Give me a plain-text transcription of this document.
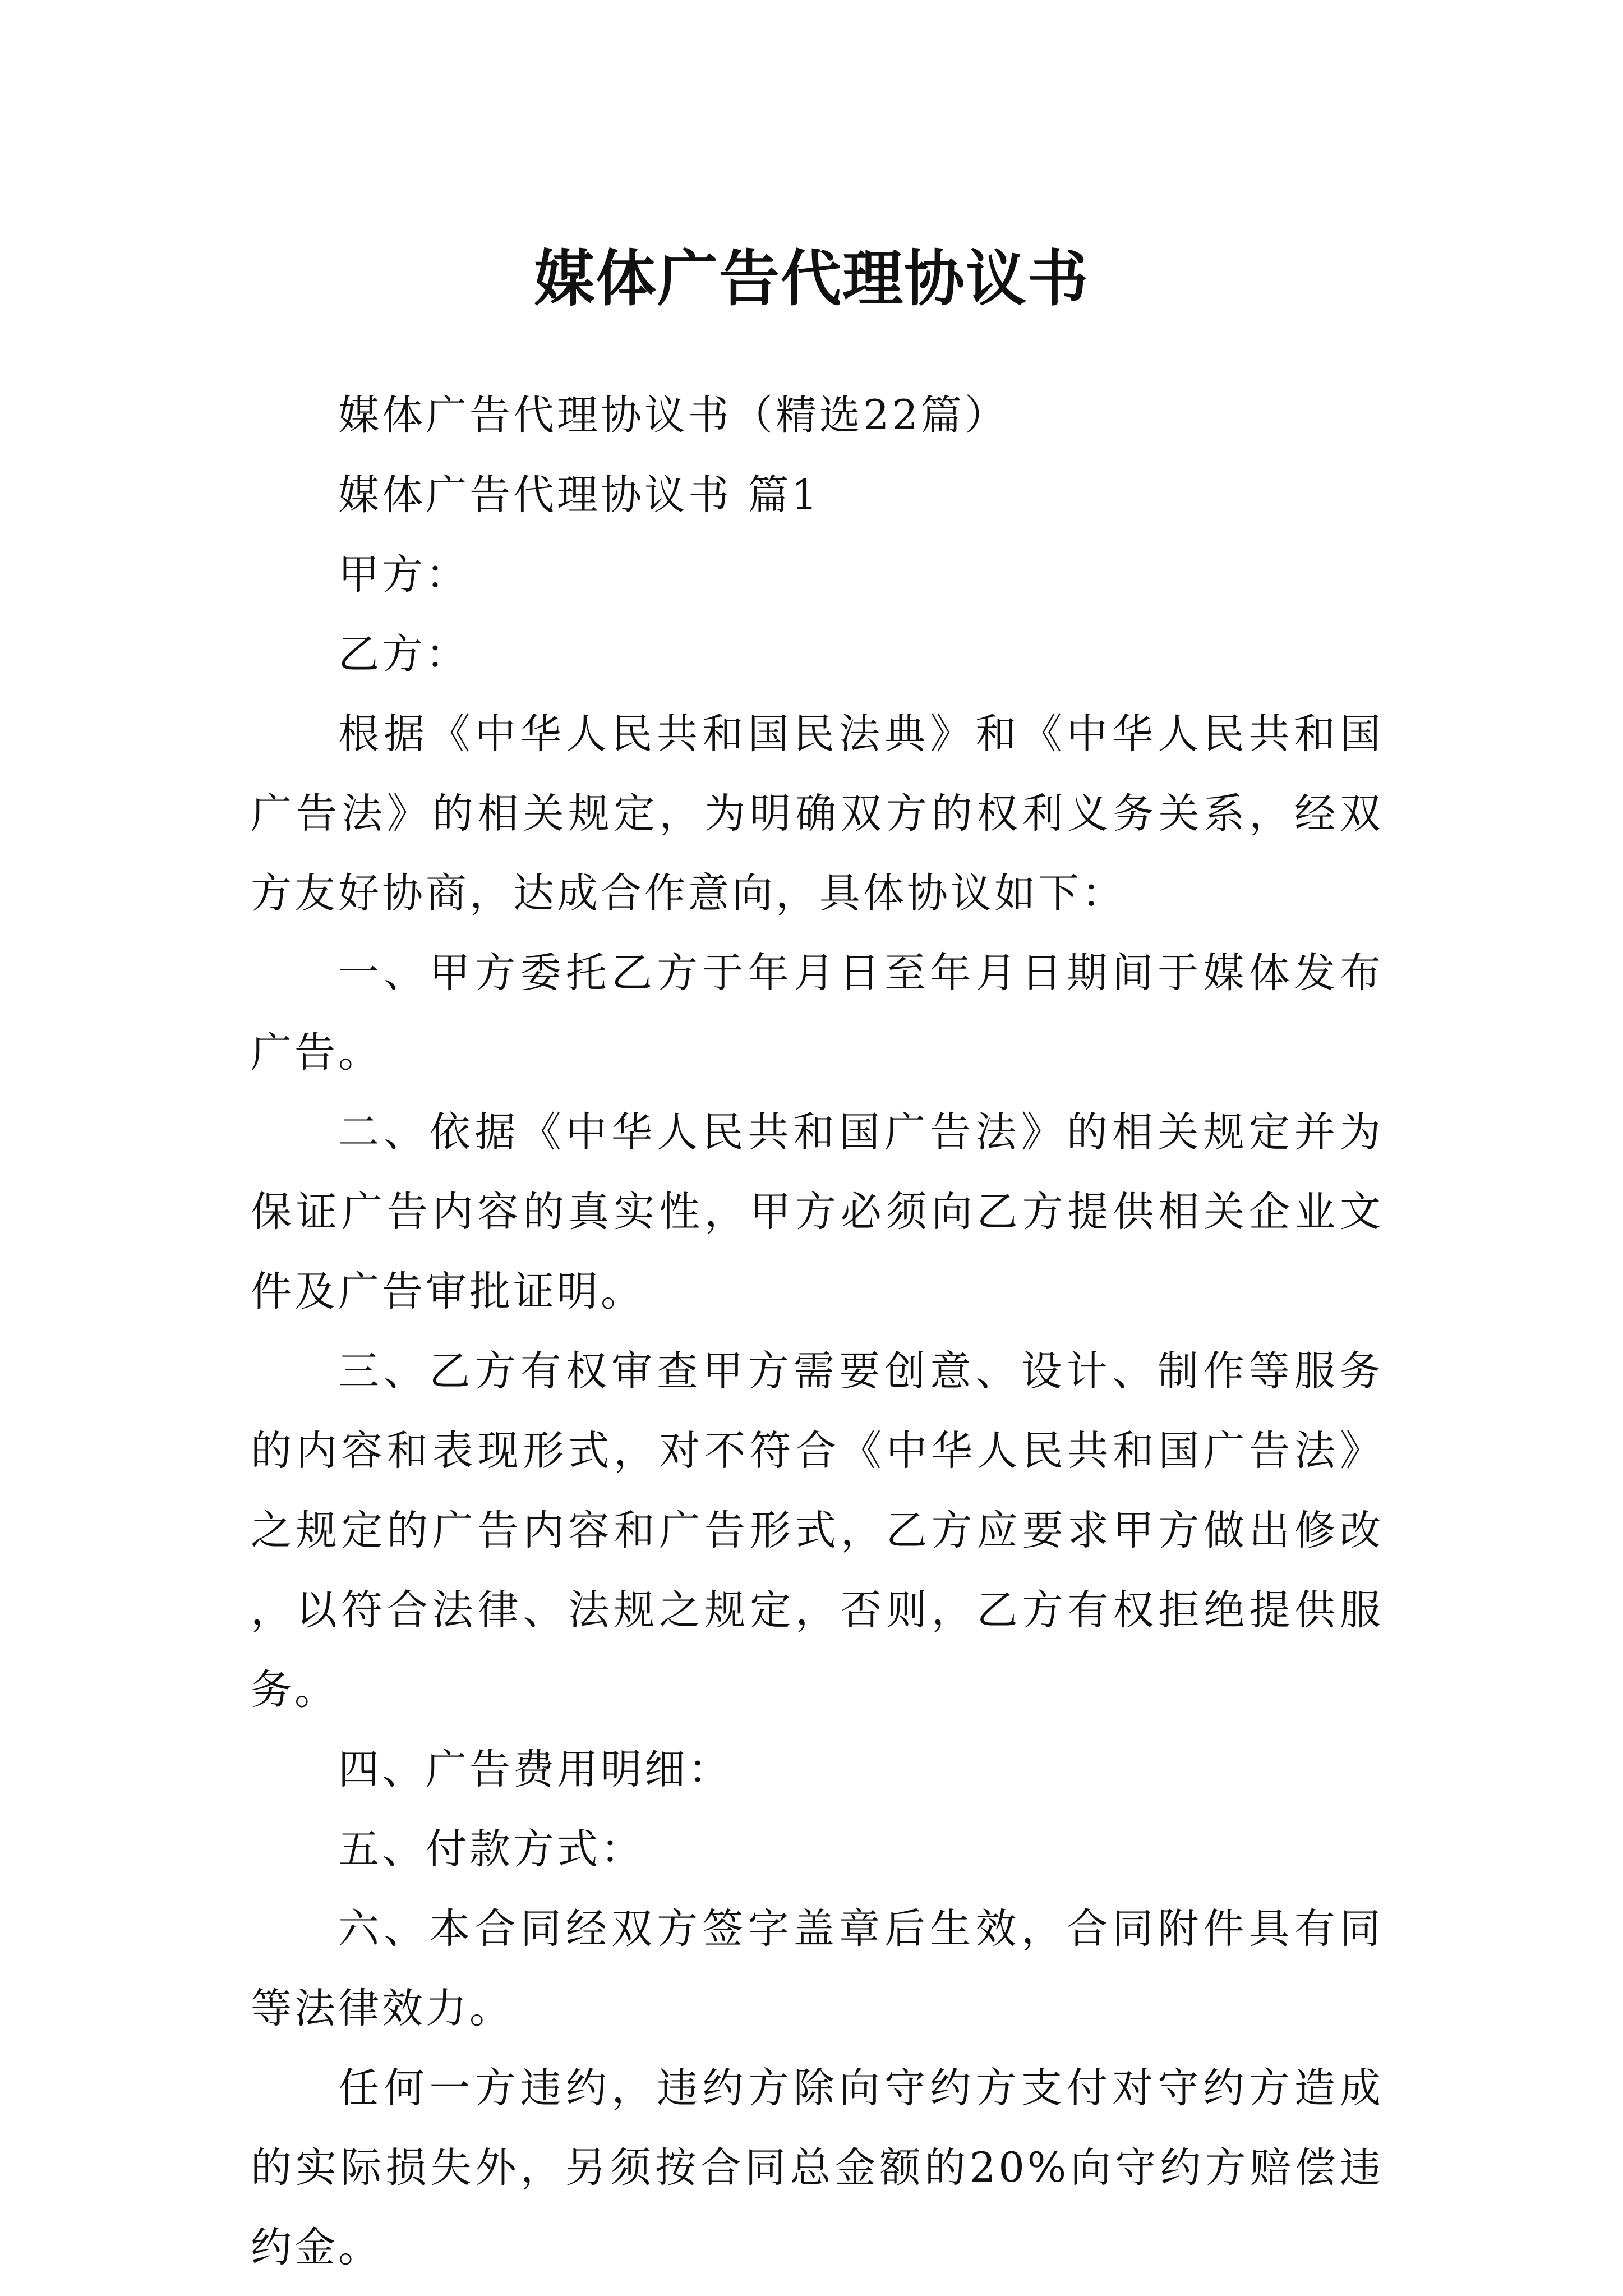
媒体广告代理协议书

媒体广告代理协议书（精选22篇）

媒体广告代理协议书 篇1

甲方：

乙方：

根据《中华人民共和国民法典》和《中华人民共和国广告法》的相关规定，为明确双方的权利义务关系，经双方友好协商，达成合作意向，具体协议如下：

一、甲方委托乙方于年月日至年月日期间于媒体发布广告。

二、依据《中华人民共和国广告法》的相关规定并为保证广告内容的真实性，甲方必须向乙方提供相关企业文件及广告审批证明。

三、乙方有权审查甲方需要创意、设计、制作等服务的内容和表现形式，对不符合《中华人民共和国广告法》之规定的广告内容和广告形式，乙方应要求甲方做出修改，以符合法律、法规之规定，否则，乙方有权拒绝提供服务。

四、广告费用明细：

五、付款方式：

六、本合同经双方签字盖章后生效，合同附件具有同等法律效力。

任何一方违约，违约方除向守约方支付对守约方造成的实际损失外，另须按合同总金额的20%向守约方赔偿违约金。
